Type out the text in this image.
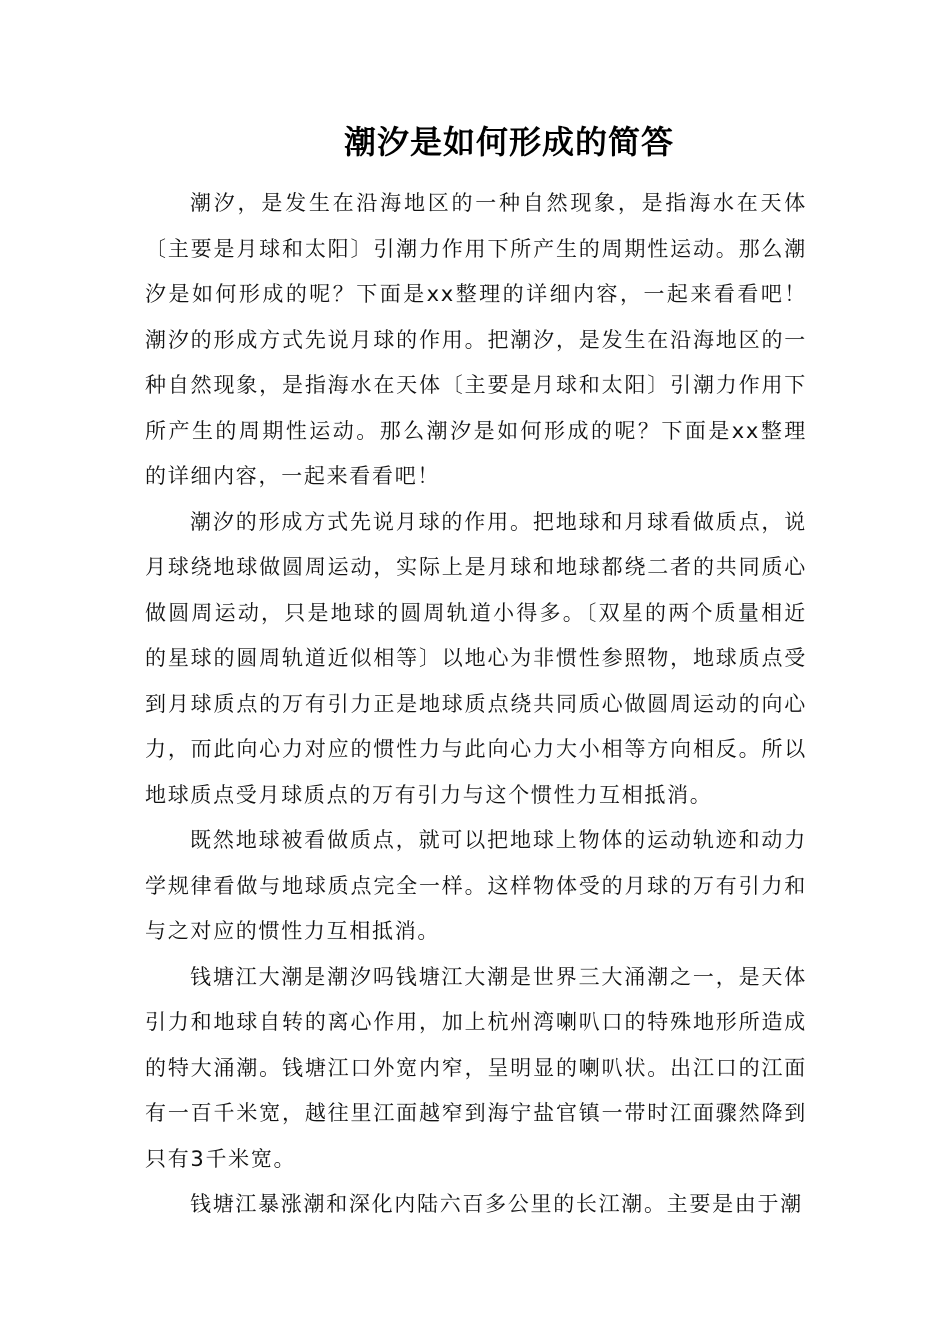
潮汐是如何形成的简答

潮汐，是发生在沿海地区的一种自然现象，是指海水在天体〔主要是月球和太阳〕引潮力作用下所产生的周期性运动。那么潮汐是如何形成的呢？下面是xx整理的详细内容，一起来看看吧！潮汐的形成方式先说月球的作用。把潮汐，是发生在沿海地区的一种自然现象，是指海水在天体〔主要是月球和太阳〕引潮力作用下所产生的周期性运动。那么潮汐是如何形成的呢？下面是xx整理的详细内容，一起来看看吧！

潮汐的形成方式先说月球的作用。把地球和月球看做质点，说月球绕地球做圆周运动，实际上是月球和地球都绕二者的共同质心做圆周运动，只是地球的圆周轨道小得多。〔双星的两个质量相近的星球的圆周轨道近似相等〕以地心为非惯性参照物，地球质点受到月球质点的万有引力正是地球质点绕共同质心做圆周运动的向心力，而此向心力对应的惯性力与此向心力大小相等方向相反。所以地球质点受月球质点的万有引力与这个惯性力互相抵消。

既然地球被看做质点，就可以把地球上物体的运动轨迹和动力学规律看做与地球质点完全一样。这样物体受的月球的万有引力和与之对应的惯性力互相抵消。

钱塘江大潮是潮汐吗钱塘江大潮是世界三大涌潮之一，是天体引力和地球自转的离心作用，加上杭州湾喇叭口的特殊地形所造成的特大涌潮。钱塘江口外宽内窄，呈明显的喇叭状。出江口的江面有一百千米宽，越往里江面越窄到海宁盐官镇一带时江面骤然降到只有3千米宽。

钱塘江暴涨潮和深化内陆六百多公里的长江潮。主要是由于潮
